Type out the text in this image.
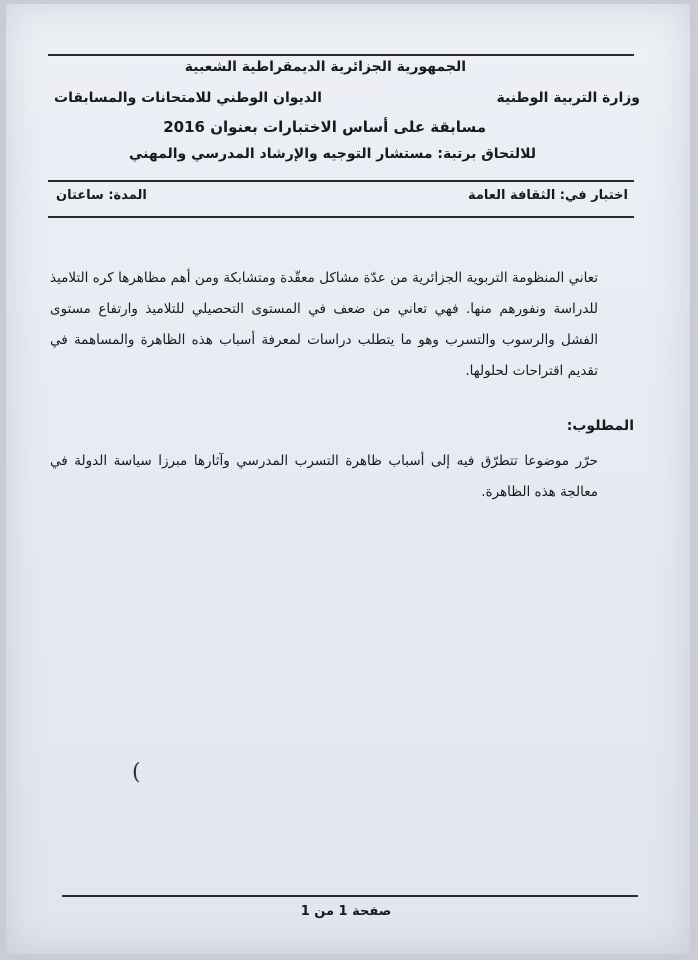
الجمهورية الجزائرية الديمقراطية الشعبية
وزارة التربية الوطنية
الديوان الوطني للامتحانات والمسابقات
مسابقة على أساس الاختبارات بعنوان 2016
للالتحاق برتبة: مستشار التوجيه والإرشاد المدرسي والمهني
اختبار في: الثقافة العامة
المدة: ساعتان
تعاني المنظومة التربوية الجزائرية من عدّة مشاكل معقّدة ومتشابكة ومن أهم مظاهرها كره التلاميذ للدراسة ونفورهم منها. فهي تعاني من ضعف في المستوى التحصيلي للتلاميذ وارتفاع مستوى الفشل والرسوب والتسرب وهو ما يتطلب دراسات لمعرفة أسباب هذه الظاهرة والمساهمة في تقديم اقتراحات لحلولها.
المطلوب:
حرّر موضوعا تتطرّق فيه إلى أسباب ظاهرة التسرب المدرسي وآثارها مبرزا سياسة الدولة في معالجة هذه الظاهرة.
(
صفحة 1 من 1
